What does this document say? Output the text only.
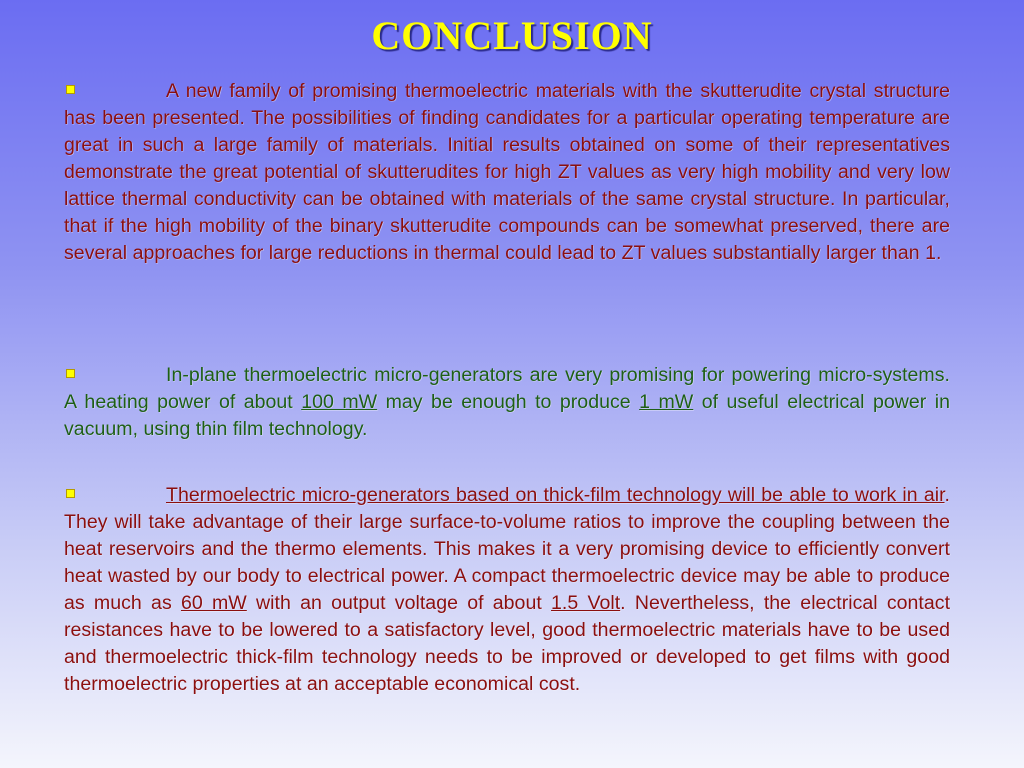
CONCLUSION
A new family of promising thermoelectric materials with the skutterudite crystal structure has been presented. The possibilities of finding candidates for a particular operating temperature are great in such a large family of materials. Initial results obtained on some of their representatives demonstrate the great potential of skutterudites for high ZT values as very high mobility and very low lattice thermal conductivity can be obtained with materials of the same crystal structure. In particular, that if the high mobility of the binary skutterudite compounds can be somewhat preserved, there are several approaches for large reductions in thermal could lead to ZT values substantially larger than 1.
In-plane thermoelectric micro-generators are very promising for powering micro-systems. A heating power of about 100 mW may be enough to produce 1 mW of useful electrical power in vacuum, using thin film technology.
Thermoelectric micro-generators based on thick-film technology will be able to work in air. They will take advantage of their large surface-to-volume ratios to improve the coupling between the heat reservoirs and the thermo elements. This makes it a very promising device to efficiently convert heat wasted by our body to electrical power. A compact thermoelectric device may be able to produce as much as 60 mW with an output voltage of about 1.5 Volt. Nevertheless, the electrical contact resistances have to be lowered to a satisfactory level, good thermoelectric materials have to be used and thermoelectric thick-film technology needs to be improved or developed to get films with good thermoelectric properties at an acceptable economical cost.
